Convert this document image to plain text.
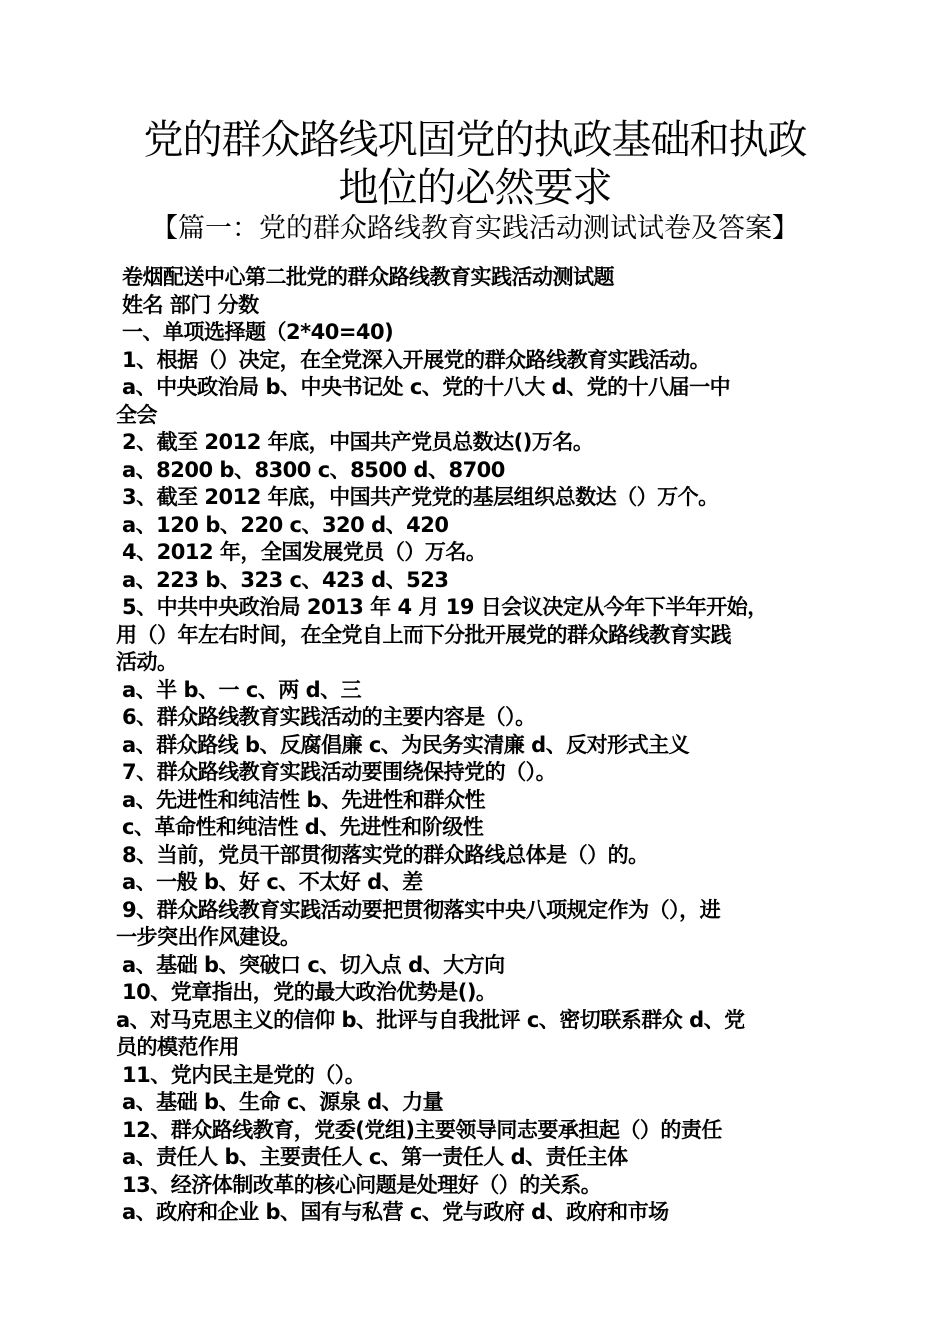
党的群众路线巩固党的执政基础和执政
地位的必然要求
【篇一：党的群众路线教育实践活动测试试卷及答案】
卷烟配送中心第二批党的群众路线教育实践活动测试题
姓名 部门 分数
一、单项选择题（2*40=40)
1、根据（）决定，在全党深入开展党的群众路线教育实践活动。
a、中央政治局 b、中央书记处 c、党的十八大 d、党的十八届一中
全会
2、截至 2012 年底，中国共产党员总数达()万名。
a、8200 b、8300 c、8500 d、8700
3、截至 2012 年底，中国共产党党的基层组织总数达（）万个。
a、120 b、220 c、320 d、420
4、2012 年，全国发展党员（）万名。
a、223 b、323 c、423 d、523
5、中共中央政治局 2013 年 4 月 19 日会议决定从今年下半年开始，
用（）年左右时间，在全党自上而下分批开展党的群众路线教育实践
活动。
a、半 b、一 c、两 d、三
6、群众路线教育实践活动的主要内容是（）。
a、群众路线 b、反腐倡廉 c、为民务实清廉 d、反对形式主义
7、群众路线教育实践活动要围绕保持党的（）。
a、先进性和纯洁性 b、先进性和群众性
c、革命性和纯洁性 d、先进性和阶级性
8、当前，党员干部贯彻落实党的群众路线总体是（）的。
a、一般 b、好 c、不太好 d、差
9、群众路线教育实践活动要把贯彻落实中央八项规定作为（），进
一步突出作风建设。
a、基础 b、突破口 c、切入点 d、大方向
10、党章指出，党的最大政治优势是()。
a、对马克思主义的信仰 b、批评与自我批评 c、密切联系群众 d、党
员的模范作用
11、党内民主是党的（）。
a、基础 b、生命 c、源泉 d、力量
12、群众路线教育，党委(党组)主要领导同志要承担起（）的责任
a、责任人 b、主要责任人 c、第一责任人 d、责任主体
13、经济体制改革的核心问题是处理好（）的关系。
a、政府和企业 b、国有与私营 c、党与政府 d、政府和市场
